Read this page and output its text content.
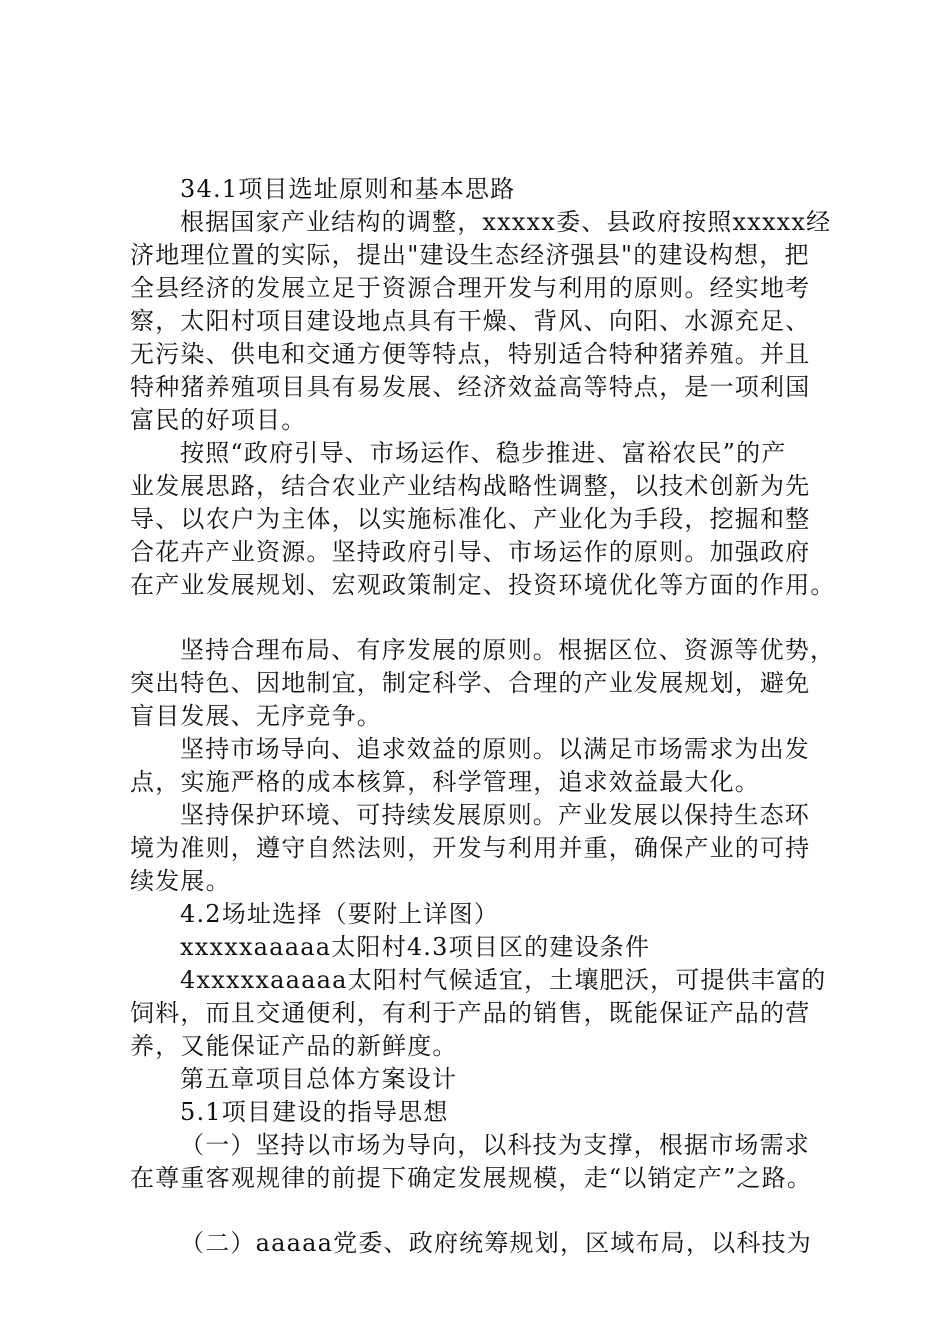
34.1项目选址原则和基本思路
根据国家产业结构的调整，xxxxx委、县政府按照xxxxx经
济地理位置的实际，提出"建设生态经济强县"的建设构想，把
全县经济的发展立足于资源合理开发与利用的原则。经实地考
察，太阳村项目建设地点具有干燥、背风、向阳、水源充足、
无污染、供电和交通方便等特点，特别适合特种猪养殖。并且
特种猪养殖项目具有易发展、经济效益高等特点，是一项利国
富民的好项目。
按照“政府引导、市场运作、稳步推进、富裕农民”的产
业发展思路，结合农业产业结构战略性调整，以技术创新为先
导、以农户为主体，以实施标准化、产业化为手段，挖掘和整
合花卉产业资源。坚持政府引导、市场运作的原则。加强政府
在产业发展规划、宏观政策制定、投资环境优化等方面的作用。
坚持合理布局、有序发展的原则。根据区位、资源等优势，
突出特色、因地制宜，制定科学、合理的产业发展规划，避免
盲目发展、无序竞争。
坚持市场导向、追求效益的原则。以满足市场需求为出发
点，实施严格的成本核算，科学管理，追求效益最大化。
坚持保护环境、可持续发展原则。产业发展以保持生态环
境为准则，遵守自然法则，开发与利用并重，确保产业的可持
续发展。
4.2场址选择（要附上详图）
xxxxxaaaaa太阳村4.3项目区的建设条件
4xxxxxaaaaa太阳村气候适宜，土壤肥沃，可提供丰富的
饲料，而且交通便利，有利于产品的销售，既能保证产品的营
养，又能保证产品的新鲜度。
第五章项目总体方案设计
5.1项目建设的指导思想
（一）坚持以市场为导向，以科技为支撑，根据市场需求
在尊重客观规律的前提下确定发展规模，走“以销定产”之路。
（二）aaaaa党委、政府统筹规划，区域布局，以科技为
